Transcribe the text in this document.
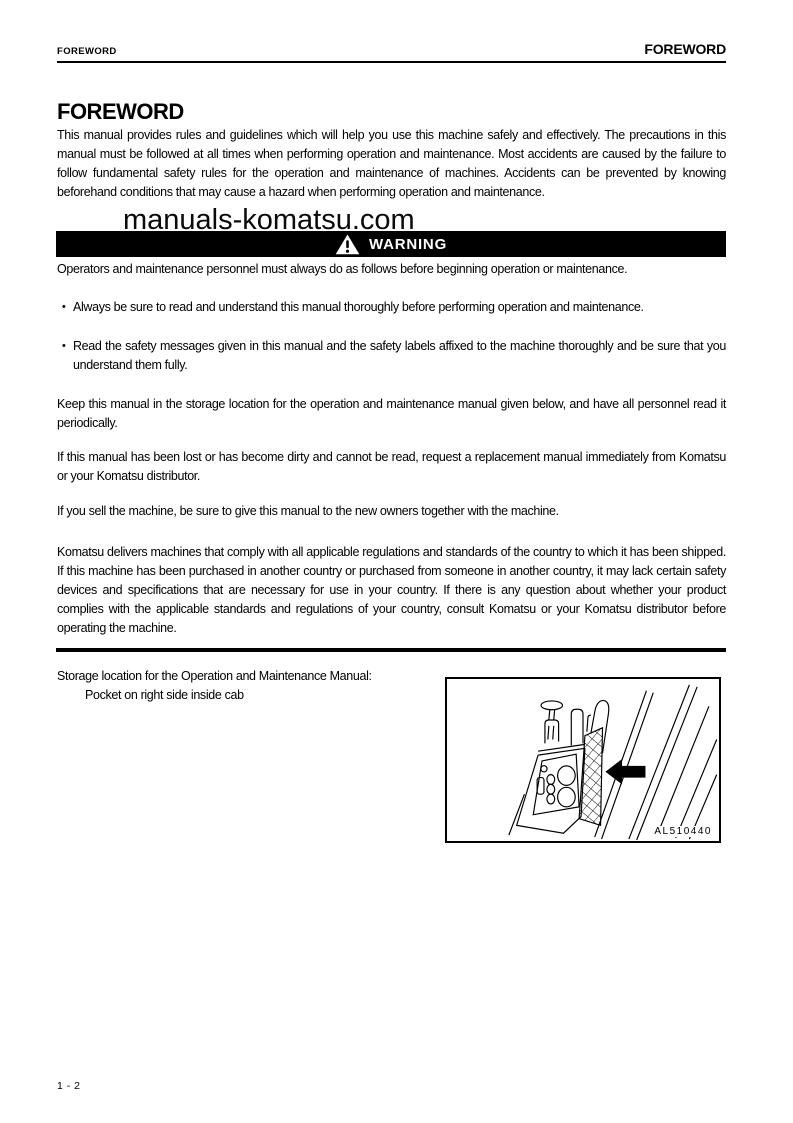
FOREWORD	FOREWORD
FOREWORD

This manual provides rules and guidelines which will help you use this machine safely and effectively. The precautions in this manual must be followed at all times when performing operation and maintenance. Most accidents are caused by the failure to follow fundamental safety rules for the operation and maintenance of machines. Accidents can be prevented by knowing beforehand conditions that may cause a hazard when performing operation and maintenance.

manuals-komatsu.com
WARNING

Operators and maintenance personnel must always do as follows before beginning operation or maintenance.

• Always be sure to read and understand this manual thoroughly before performing operation and maintenance.
• Read the safety messages given in this manual and the safety labels affixed to the machine thoroughly and be sure that you understand them fully.

Keep this manual in the storage location for the operation and maintenance manual given below, and have all personnel read it periodically.

If this manual has been lost or has become dirty and cannot be read, request a replacement manual immediately from Komatsu or your Komatsu distributor.

If you sell the machine, be sure to give this manual to the new owners together with the machine.

Komatsu delivers machines that comply with all applicable regulations and standards of the country to which it has been shipped. If this machine has been purchased in another country or purchased from someone in another country, it may lack certain safety devices and specifications that are necessary for use in your country. If there is any question about whether your product complies with the applicable standards and regulations of your country, consult Komatsu or your Komatsu distributor before operating the machine.

Storage location for the Operation and Maintenance Manual:
Pocket on right side inside cab
AL510440
1 - 2
